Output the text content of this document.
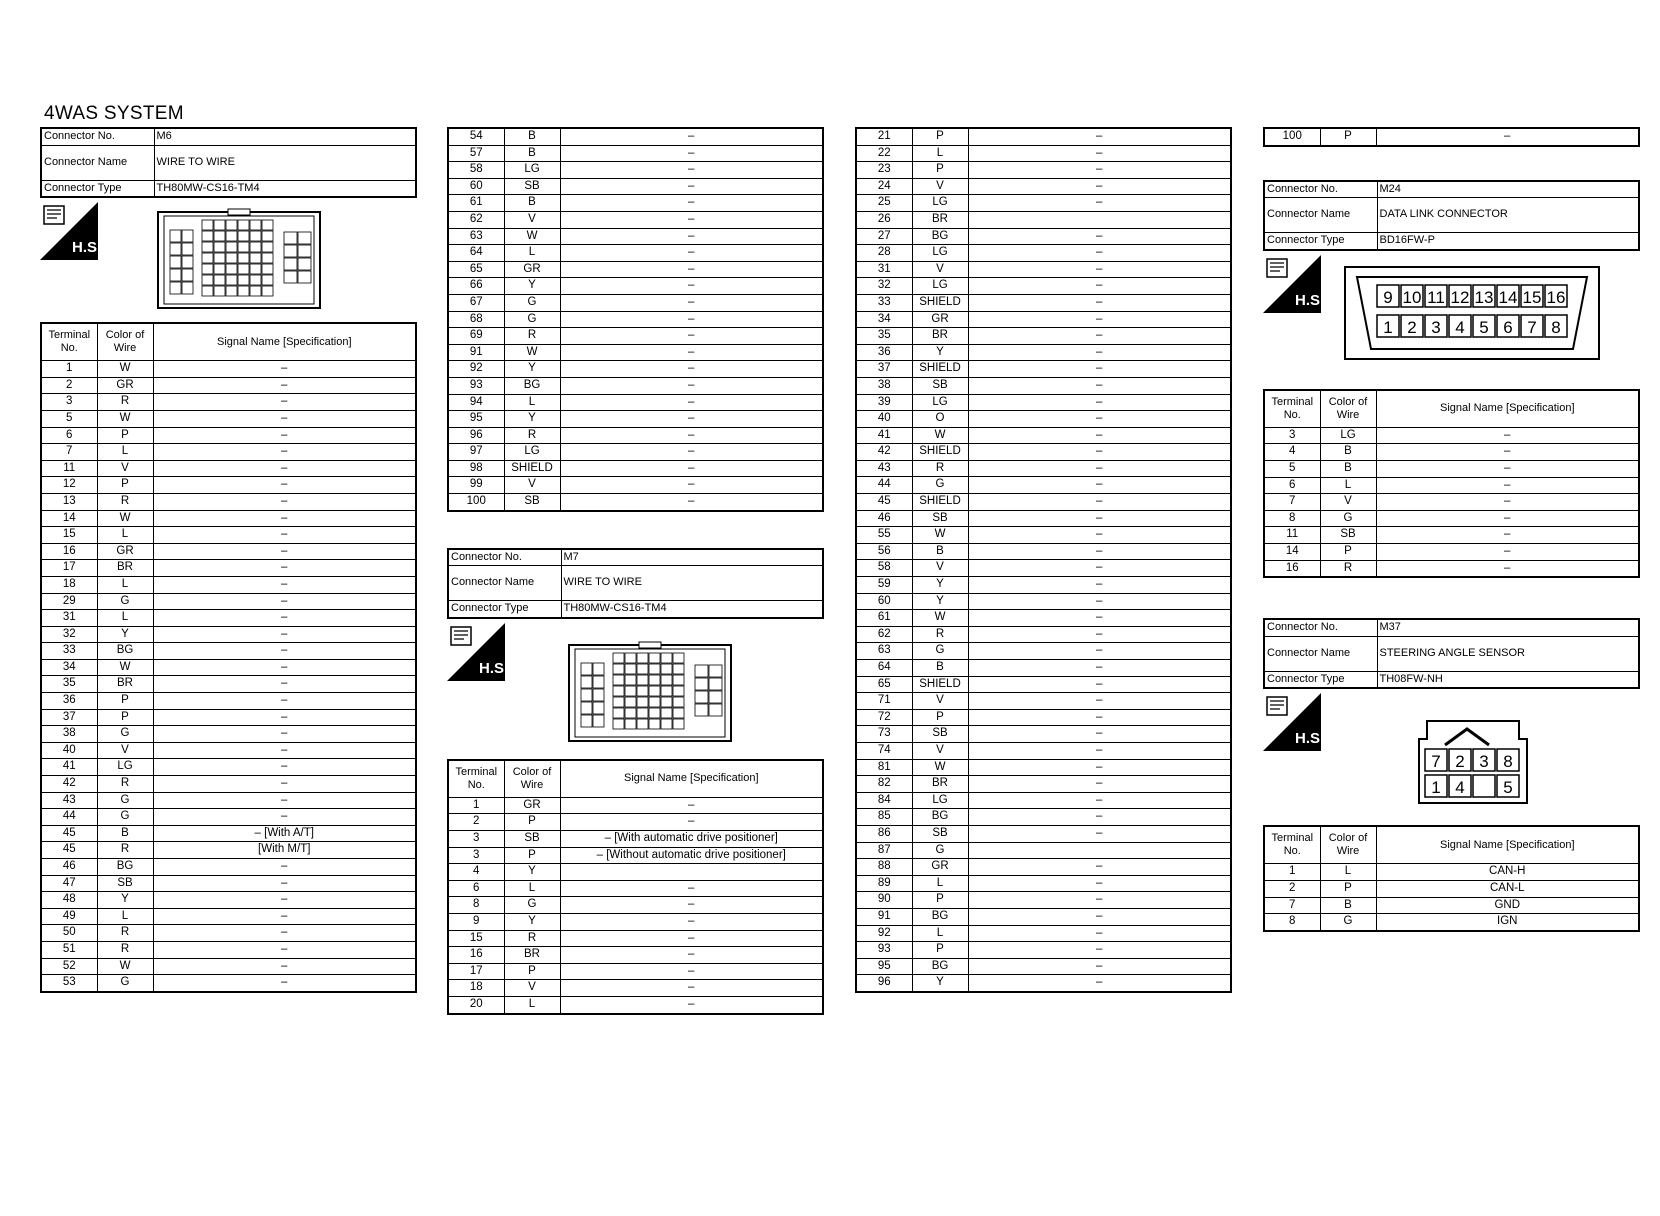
4WAS SYSTEM
Connector No.	M6
Connector Name	WIRE TO WIRE
Connector Type	TH80MW-CS16-TM4
H.S.
Terminal No.	Color of Wire	Signal Name [Specification]
1	W	–
2	GR	–
3	R	–
5	W	–
6	P	–
7	L	–
11	V	–
12	P	–
13	R	–
14	W	–
15	L	–
16	GR	–
17	BR	–
18	L	–
29	G	–
31	L	–
32	Y	–
33	BG	–
34	W	–
35	BR	–
36	P	–
37	P	–
38	G	–
40	V	–
41	LG	–
42	R	–
43	G	–
44	G	–
45	B	– [With A/T]
45	R	[With M/T]
46	BG	–
47	SB	–
48	Y	–
49	L	–
50	R	–
51	R	–
52	W	–
53	G	–
54	B	–
57	B	–
58	LG	–
60	SB	–
61	B	–
62	V	–
63	W	–
64	L	–
65	GR	–
66	Y	–
67	G	–
68	G	–
69	R	–
91	W	–
92	Y	–
93	BG	–
94	L	–
95	Y	–
96	R	–
97	LG	–
98	SHIELD	–
99	V	–
100	SB	–
Connector No.	M7
Connector Name	WIRE TO WIRE
Connector Type	TH80MW-CS16-TM4
H.S.
Terminal No.	Color of Wire	Signal Name [Specification]
1	GR	–
2	P	–
3	SB	– [With automatic drive positioner]
3	P	– [Without automatic drive positioner]
4	Y	
6	L	–
8	G	–
9	Y	–
15	R	–
16	BR	–
17	P	–
18	V	–
20	L	–
21	P	–
22	L	–
23	P	–
24	V	–
25	LG	–
26	BR	
27	BG	–
28	LG	–
31	V	–
32	LG	–
33	SHIELD	–
34	GR	–
35	BR	–
36	Y	–
37	SHIELD	–
38	SB	–
39	LG	–
40	O	–
41	W	–
42	SHIELD	–
43	R	–
44	G	–
45	SHIELD	–
46	SB	–
55	W	–
56	B	–
58	V	–
59	Y	–
60	Y	–
61	W	–
62	R	–
63	G	–
64	B	–
65	SHIELD	–
71	V	–
72	P	–
73	SB	–
74	V	–
81	W	–
82	BR	–
84	LG	–
85	BG	–
86	SB	–
87	G	
88	GR	–
89	L	–
90	P	–
91	BG	–
92	L	–
93	P	–
95	BG	–
96	Y	–
100	P	–
Connector No.	M24
Connector Name	DATA LINK CONNECTOR
Connector Type	BD16FW-P
H.S.	9 10 11 12 13 14 15 16
1 2 3 4 5 6 7 8
Terminal No.	Color of Wire	Signal Name [Specification]
3	LG	–
4	B	–
5	B	–
6	L	–
7	V	–
8	G	–
11	SB	–
14	P	–
16	R	–
Connector No.	M37
Connector Name	STEERING ANGLE SENSOR
Connector Type	TH08FW-NH
H.S.
7 2 3 8
1 4 5
Terminal No.	Color of Wire	Signal Name [Specification]
1	L	CAN-H
2	P	CAN-L
7	B	GND
8	G	IGN
